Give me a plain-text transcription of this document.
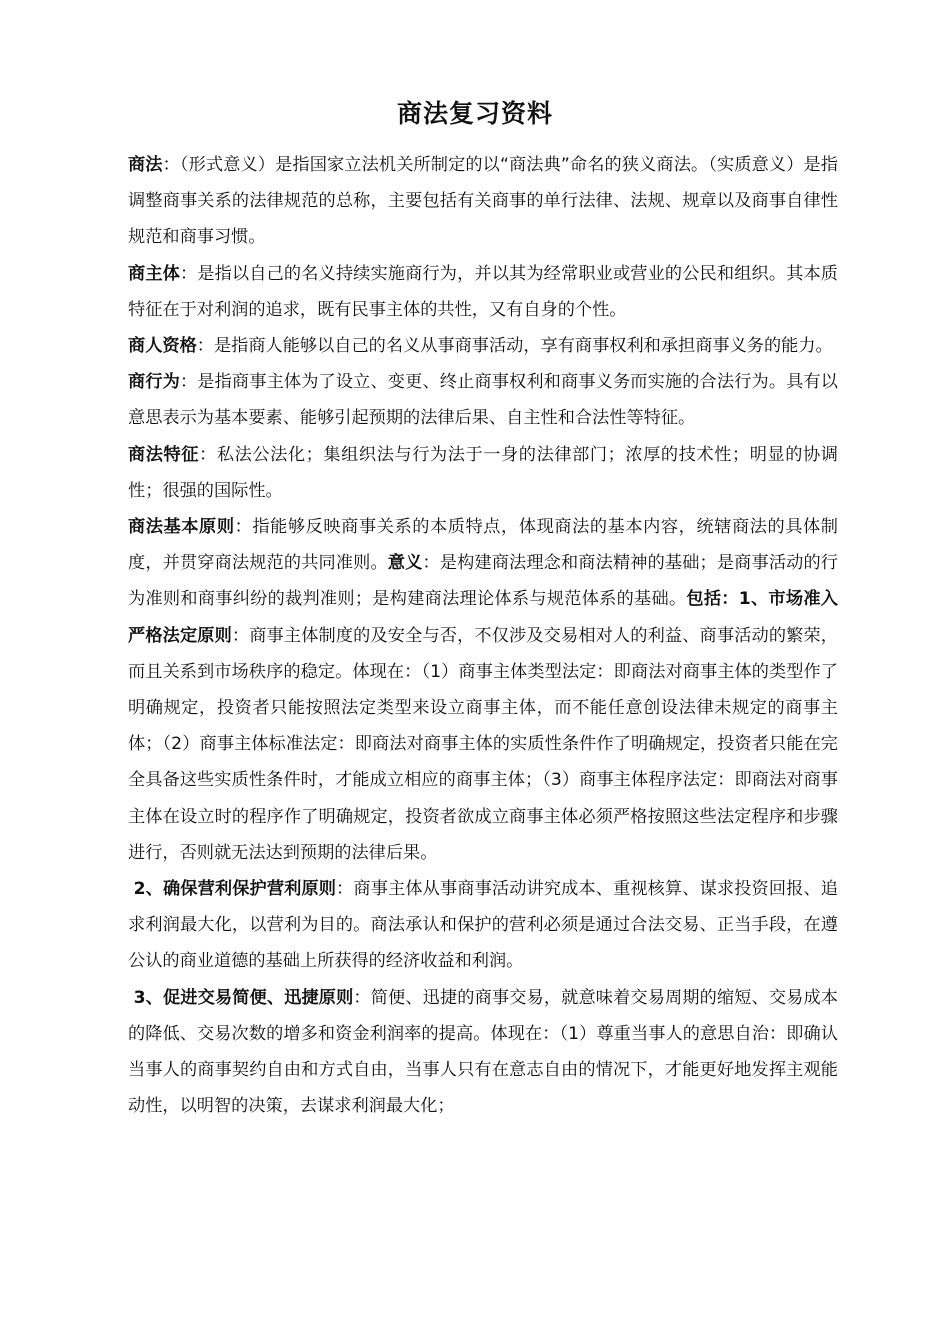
商法复习资料

商法：（形式意义）是指国家立法机关所制定的以“商法典”命名的狭义商法。（实质意义）是指调整商事关系的法律规范的总称，主要包括有关商事的单行法律、法规、规章以及商事自律性规范和商事习惯。

商主体：是指以自己的名义持续实施商行为，并以其为经常职业或营业的公民和组织。其本质特征在于对利润的追求，既有民事主体的共性，又有自身的个性。

商人资格：是指商人能够以自己的名义从事商事活动，享有商事权利和承担商事义务的能力。

商行为：是指商事主体为了设立、变更、终止商事权利和商事义务而实施的合法行为。具有以意思表示为基本要素、能够引起预期的法律后果、自主性和合法性等特征。

商法特征：私法公法化；集组织法与行为法于一身的法律部门；浓厚的技术性；明显的协调性；很强的国际性。

商法基本原则：指能够反映商事关系的本质特点，体现商法的基本内容，统辖商法的具体制度，并贯穿商法规范的共同准则。意义：是构建商法理念和商法精神的基础；是商事活动的行为准则和商事纠纷的裁判准则；是构建商法理论体系与规范体系的基础。包括：1、市场准入严格法定原则：商事主体制度的及安全与否，不仅涉及交易相对人的利益、商事活动的繁荣，而且关系到市场秩序的稳定。体现在：（1）商事主体类型法定：即商法对商事主体的类型作了明确规定，投资者只能按照法定类型来设立商事主体，而不能任意创设法律未规定的商事主体；（2）商事主体标准法定：即商法对商事主体的实质性条件作了明确规定，投资者只能在完全具备这些实质性条件时，才能成立相应的商事主体；（3）商事主体程序法定：即商法对商事主体在设立时的程序作了明确规定，投资者欲成立商事主体必须严格按照这些法定程序和步骤进行，否则就无法达到预期的法律后果。

2、确保营利保护营利原则：商事主体从事商事活动讲究成本、重视核算、谋求投资回报、追求利润最大化，以营利为目的。商法承认和保护的营利必须是通过合法交易、正当手段，在遵公认的商业道德的基础上所获得的经济收益和利润。

3、促进交易简便、迅捷原则：简便、迅捷的商事交易，就意味着交易周期的缩短、交易成本的降低、交易次数的增多和资金利润率的提高。体现在：（1）尊重当事人的意思自治：即确认当事人的商事契约自由和方式自由，当事人只有在意志自由的情况下，才能更好地发挥主观能动性，以明智的决策，去谋求利润最大化；
